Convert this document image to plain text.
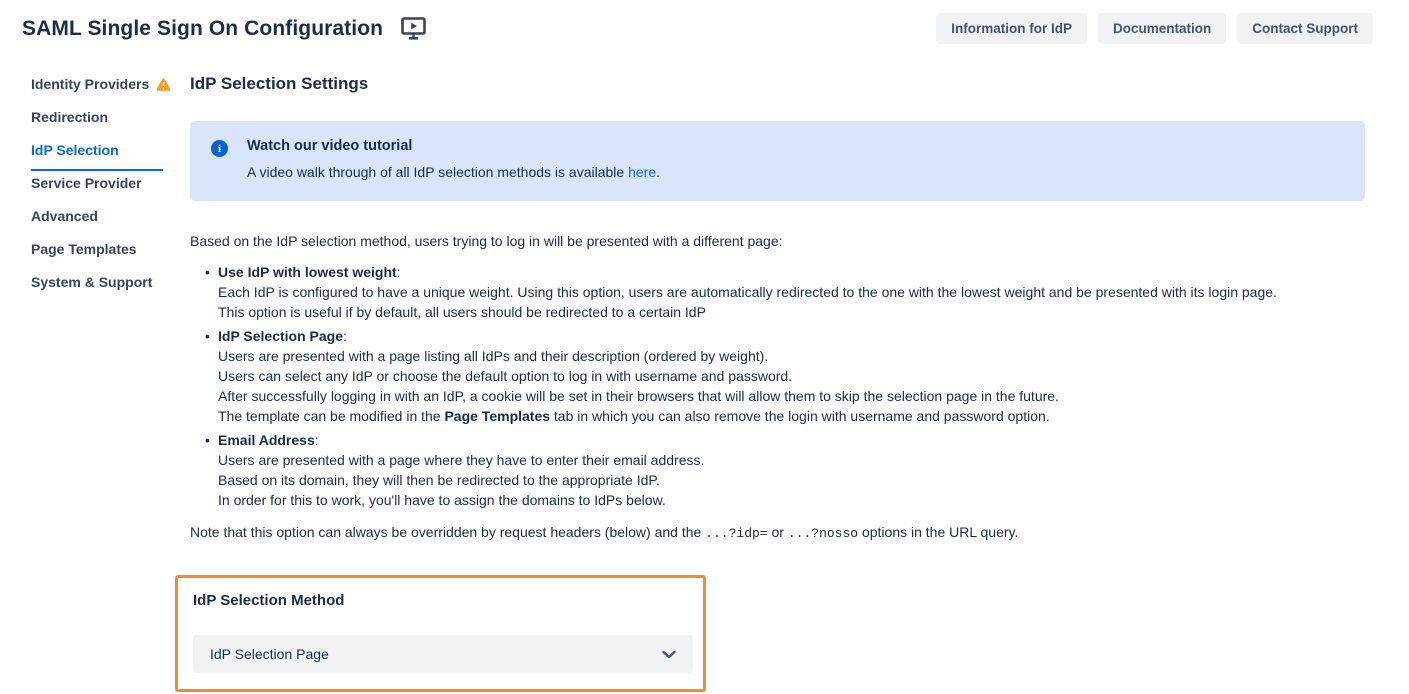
SAML Single Sign On Configuration	Information for IdP	Documentation	Contact Support
Identity Providers
Redirection
IdP Selection
Service Provider
Advanced
Page Templates
System & Support
IdP Selection Settings
i	Watch our video tutorial
A video walk through of all IdP selection methods is available here.

Based on the IdP selection method, users trying to log in will be presented with a different page:

• Use IdP with lowest weight:
Each IdP is configured to have a unique weight. Using this option, users are automatically redirected to the one with the lowest weight and be presented with its login page.
This option is useful if by default, all users should be redirected to a certain IdP
• IdP Selection Page:
Users are presented with a page listing all IdPs and their description (ordered by weight).
Users can select any IdP or choose the default option to log in with username and password.
After successfully logging in with an IdP, a cookie will be set in their browsers that will allow them to skip the selection page in the future.
The template can be modified in the Page Templates tab in which you can also remove the login with username and password option.
• Email Address:
Users are presented with a page where they have to enter their email address.
Based on its domain, they will then be redirected to the appropriate IdP.
In order for this to work, you'll have to assign the domains to IdPs below.

Note that this option can always be overridden by request headers (below) and the ...?idp= or ...?nosso options in the URL query.

IdP Selection Method
IdP Selection Page
